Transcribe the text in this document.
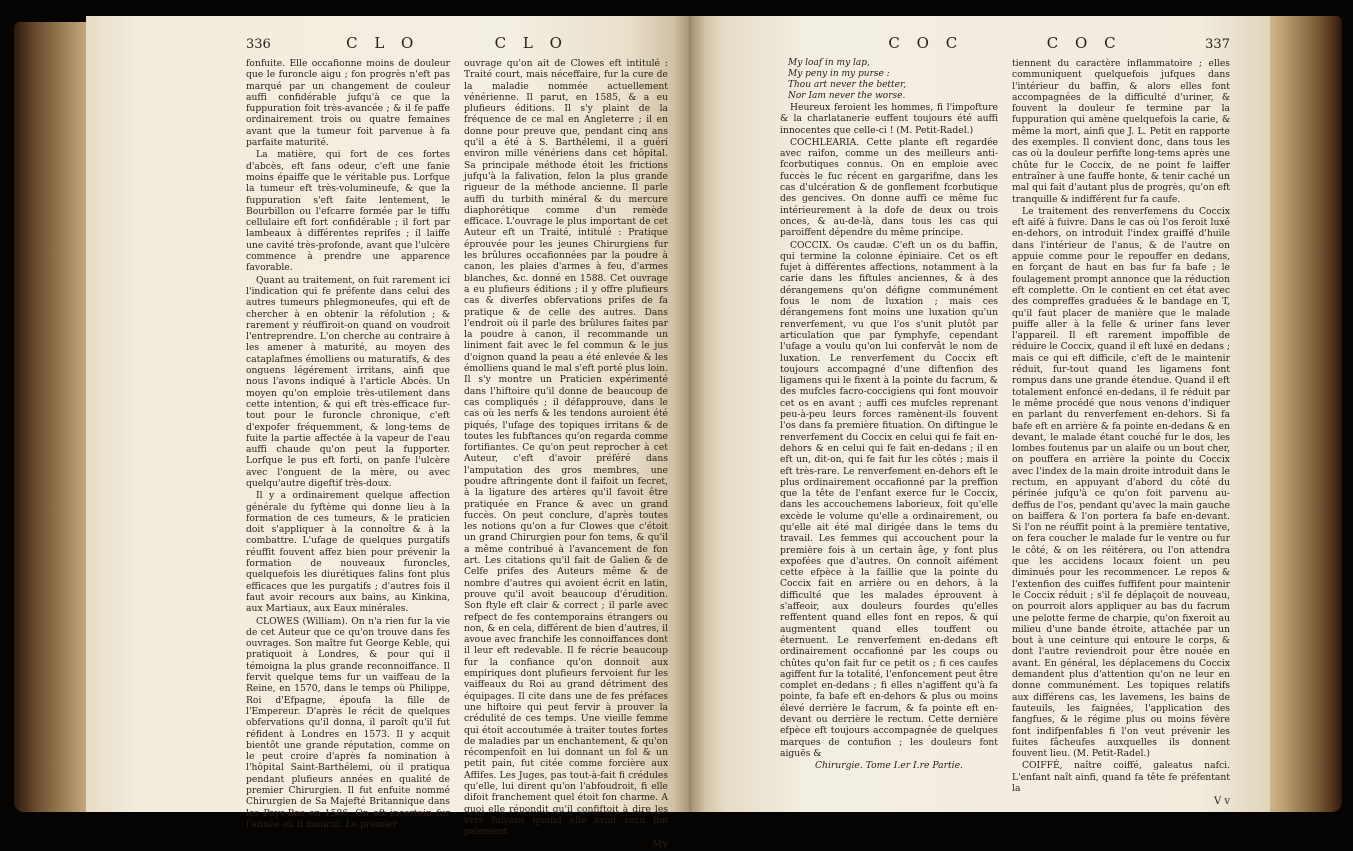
336	C L O	C L O

fonfuite. Elle occafionne moins de douleur que le furoncle aigu ; fon progrès n'eft pas marqué par un changement de couleur auffi confidérable jufqu'à ce que la fuppuration foit très-avancée ; & il fe paffe ordinairement trois ou quatre femaines avant que la tumeur foit parvenue à fa parfaite maturité.

La matière, qui fort de ces fortes d'abcès, eft fans odeur, c'eft une fanie moins épaiffe que le véritable pus. Lorfque la tumeur eft très-volumineufe, & que la fuppuration s'eft faite lentement, le Bourbillon ou l'efcarre formée par le tiffu cellulaire eft fort confidérable ; il fort par lambeaux à différentes reprifes ; il laiffe une cavité très-profonde, avant que l'ulcère commence à prendre une apparence favorable.

Quant au traitement, on fuit rarement ici l'indication qui fe préfente dans celui des autres tumeurs phlegmoneufes, qui eft de chercher à en obtenir la réfolution ; & rarement y réuffiroit-on quand on voudroit l'entreprendre. L'on cherche au contraire à les amener à maturité, au moyen des cataplafmes émolliens ou maturatifs, & des onguens légérement irritans, ainfi que nous l'avons indiqué à l'article Abcès. Un moyen qu'on emploie très-utilement dans cette intention, & qui eft très-efficace fur-tout pour le furoncle chronique, c'eft d'expofer fréquemment, & long-tems de fuite la partie affectée à la vapeur de l'eau auffi chaude qu'on peut la fupporter. Lorfque le pus eft forti, on panfe l'ulcère avec l'onguent de la mère, ou avec quelqu'autre digeftif très-doux.

Il y a ordinairement quelque affection générale du fyftème qui donne lieu à la formation de ces tumeurs, & le praticien doit s'appliquer à la connoître & à la combattre. L'ufage de quelques purgatifs réuffit fouvent affez bien pour prévenir la formation de nouveaux furoncles, quelquefois les diurétiques falins font plus efficaces que les purgatifs ; d'autres fois il faut avoir recours aux bains, au Kinkina, aux Martiaux, aux Eaux minérales.

CLOWES (William). On n'a rien fur la vie de cet Auteur que ce qu'on trouve dans fes ouvrages. Son maître fut George Keble, qui pratiquoit à Londres, & pour qui il témoigna la plus grande reconnoiffance. Il fervit quelque tems fur un vaiffeau de la Reine, en 1570, dans le temps où Philippe, Roi d'Efpagne, époufa la fille de l'Empereur. D'après le récit de quelques obfervations qu'il donna, il paroît qu'il fut réfident à Londres en 1573. Il y acquit bientôt une grande réputation, comme on le peut croire d'après fa nomination à l'hôpital Saint-Barthélemi, où il pratiqua pendant plufieurs années en qualité de premier Chirurgien. Il fut enfuite nommé Chirurgien de Sa Majefté Britannique dans les Pays-Bas en 1586. On eft incertain fur l'année où il mourut. Le premier

ouvrage qu'on ait de Clowes eft intitulé : Traité court, mais néceffaire, fur la cure de la maladie nommée actuellement vénérienne. Il parut, en 1585, & a eu plufieurs éditions. Il s'y plaint de la fréquence de ce mal en Angleterre ; il en donne pour preuve que, pendant cinq ans qu'il a été à S. Barthélemi, il a guéri environ mille vénériens dans cet hôpital. Sa principale méthode étoit les frictions jufqu'à la falivation, felon la plus grande rigueur de la méthode ancienne. Il parle auffi du turbith minéral & du mercure diaphorétique comme d'un remède efficace. L'ouvrage le plus important de cet Auteur eft un Traité, intitulé : Pratique éprouvée pour les jeunes Chirurgiens fur les brûlures occafionnées par la poudre à canon, les plaies d'armes à feu, d'armes blanches, &c. donné en 1588. Cet ouvrage a eu plufieurs éditions ; il y offre plufieurs cas & diverfes obfervations prifes de fa pratique & de celle des autres. Dans l'endroit où il parle des brûlures faites par la poudre à canon, il recommande un liniment fait avec le fel commun & le jus d'oignon quand la peau a été enlevée & les émolliens quand le mal s'eft porté plus loin. Il s'y montre un Praticien expérimenté dans l'hiftoire qu'il donne de beaucoup de cas compliqués ; il défapprouve, dans le cas où les nerfs & les tendons auroient été piqués, l'ufage des topiques irritans & de toutes les fubftances qu'on regarda comme fortifiantes. Ce qu'on peut reprocher à cet Auteur, c'eft d'avoir préféré dans l'amputation des gros membres, une poudre aftringente dont il faifoit un fecret, à la ligature des artères qu'il favoit être pratiquée en France & avec un grand fuccès. On peut conclure, d'après toutes les notions qu'on a fur Clowes que c'étoit un grand Chirurgien pour fon tems, & qu'il a même contribué à l'avancement de fon art. Les citations qu'il fait de Galien & de Celfe prifes des Auteurs même & de nombre d'autres qui avoient écrit en latin, prouve qu'il avoit beaucoup d'érudition. Son ftyle eft clair & correct ; il parle avec refpect de fes contemporains étrangers ou non, & en cela, différent de bien d'autres, il avoue avec franchife les connoiffances dont il leur eft redevable. Il fe récrie beaucoup fur la confiance qu'on donnoit aux empiriques dont plufieurs fervoient fur les vaiffeaux du Roi au grand détriment des équipages. Il cite dans une de fes préfaces une hiftoire qui peut fervir à prouver la crédulité de ces temps. Une vieille femme qui étoit accoutumée à traiter toutes fortes de maladies par un enchantement, & qu'on récompenfoit en lui donnant un fol & un petit pain, fut citée comme forcière aux Affifes. Les Juges, pas tout-à-fait fi crédules qu'elle, lui dirent qu'on l'abfoudroit, fi elle difoit franchement quel étoit fon charme. A quoi elle répondit qu'il confiftoit à dire les vers fuivans quand elle avoit reçu fon paiement.

My
C O C	C O C	337
My loaf in my lap,
My peny in my purse :
Thou art never the better,
Nor Iam never the worse.

Heureux feroient les hommes, fi l'impofture & la charlatanerie euffent toujours été auffi innocentes que celle-ci ! (M. Petit-Radel.)

COCHLEARIA. Cette plante eft regardée avec raifon, comme un des meilleurs anti-fcorbutiques connus. On en emploie avec fuccès le fuc récent en gargarifme, dans les cas d'ulcération & de gonflement fcorbutique des gencives. On donne auffi ce même fuc intérieurement à la dofe de deux ou trois onces, & au-de-là, dans tous les cas qui paroiffent dépendre du même principe.

COCCIX. Os caudæ. C'eft un os du baffin, qui termine la colonne épiniaire. Cet os eft fujet à différentes affections, notamment à la carie dans les fiftules anciennes, & à des dérangemens qu'on défigne communément fous le nom de luxation ; mais ces dérangemens font moins une luxation qu'un renverfement, vu que l'os s'unit plutôt par articulation que par fymphyfe, cependant l'ufage a voulu qu'on lui confervât le nom de luxation. Le renverfement du Coccix eft toujours accompagné d'une diftenfion des ligamens qui le fixent à la pointe du facrum, & des mufcles facro-coccigiens qui font mouvoir cet os en avant ; auffi ces mufcles reprenant peu-à-peu leurs forces ramènent-ils fouvent l'os dans fa première fituation. On diftingue le renverfement du Coccix en celui qui fe fait en-dehors & en celui qui fe fait en-dedans ; il en eft un, dit-on, qui fe fait fur les côtés ; mais il eft très-rare. Le renverfement en-dehors eft le plus ordinairement occafionné par la preffion que la tête de l'enfant exerce fur le Coccix, dans les accouchemens laborieux, foit qu'elle excède le volume qu'elle a ordinairement, ou qu'elle ait été mal dirigée dans le tems du travail. Les femmes qui accouchent pour la première fois à un certain âge, y font plus expofées que d'autres. On connoît aifément cette efpèce à la faillie que la pointe du Coccix fait en arrière ou en dehors, à la difficulté que les malades éprouvent à s'affeoir, aux douleurs fourdes qu'elles reffentent quand elles font en repos, & qui augmentent quand elles touffent ou éternuent. Le renverfement en-dedans eft ordinairement occafionné par les coups ou chûtes qu'on fait fur ce petit os ; fi ces caufes agiffent fur la totalité, l'enfoncement peut être complet en-dedans ; fi elles n'agiffent qu'à fa pointe, fa bafe eft en-dehors & plus ou moins élevé derrière le facrum, & fa pointe eft en-devant ou derrière le rectum. Cette dernière efpèce eft toujours accompagnée de quelques marques de contufion ; les douleurs font aiguës &

Chirurgie. Tome I.er I.re Partie.

tiennent du caractère inflammatoire ; elles communiquent quelquefois jufques dans l'intérieur du baffin, & alors elles font accompagnées de la difficulté d'uriner, & fouvent la douleur fe termine par la fuppuration qui amène quelquefois la carie, & même la mort, ainfi que J. L. Petit en rapporte des exemples. Il convient donc, dans tous les cas où la douleur perfifte long-tems après une chûte fur le Coccix, de ne point fe laiffer entraîner à une fauffe honte, & tenir caché un mal qui fait d'autant plus de progrès, qu'on eft tranquille & indifférent fur fa caufe.

Le traitement des renverfemens du Coccix eft aifé à fuivre. Dans le cas où l'os feroit luxé en-dehors, on introduit l'index graiffé d'huile dans l'intérieur de l'anus, & de l'autre on appuie comme pour le repouffer en dedans, en forçant de haut en bas fur fa bafe ; le foulagement prompt annonce que la réduction eft complette. On le contient en cet état avec des compreffes graduées & le bandage en T, qu'il faut placer de manière que le malade puiffe aller à la felle & uriner fans lever l'appareil. Il eft rarement impoffible de réduire le Coccix, quand il eft luxé en dedans ; mais ce qui eft difficile, c'eft de le maintenir réduit, fur-tout quand les ligamens font rompus dans une grande étendue. Quand il eft totalement enfoncé en-dedans, il fe réduit par le même procédé que nous venons d'indiquer en parlant du renverfement en-dehors. Si fa bafe eft en arrière & fa pointe en-dedans & en devant, le malade étant couché fur le dos, les lombes foutenus par un alaife ou un bout cher, on pouffera en arrière la pointe du Coccix avec l'index de la main droite introduit dans le rectum, en appuyant d'abord du côté du périnée jufqu'à ce qu'on foit parvenu au-deffus de l'os, pendant qu'avec la main gauche on baiffera & l'on portera fa bafe en-devant. Si l'on ne réuffit point à la première tentative, on fera coucher le malade fur le ventre ou fur le côté, & on les réitérera, ou l'on attendra que les accidens locaux foient un peu diminués pour les recommencer. Le repos & l'extenfion des cuiffes fuffifent pour maintenir le Coccix réduit ; s'il fe déplaçoit de nouveau, on pourroit alors appliquer au bas du facrum une pelotte ferme de charpie, qu'on fixeroit au milieu d'une bande étroite, attachée par un bout à une ceinture qui entoure le corps, & dont l'autre reviendroit pour être nouée en avant. En général, les déplacemens du Coccix demandent plus d'attention qu'on ne leur en donne communément. Les topiques relatifs aux différens cas, les lavemens, les bains de fauteuils, les faignées, l'application des fangfues, & le régime plus ou moins févère font indifpenfables fi l'on veut prévenir les fuites fâcheufes auxquelles ils donnent fouvent lieu. (M. Petit-Radel.)

COIFFÉ, naître coiffé, galeatus nafci. L'enfant naît ainfi, quand fa tête fe préfentant la

V v
